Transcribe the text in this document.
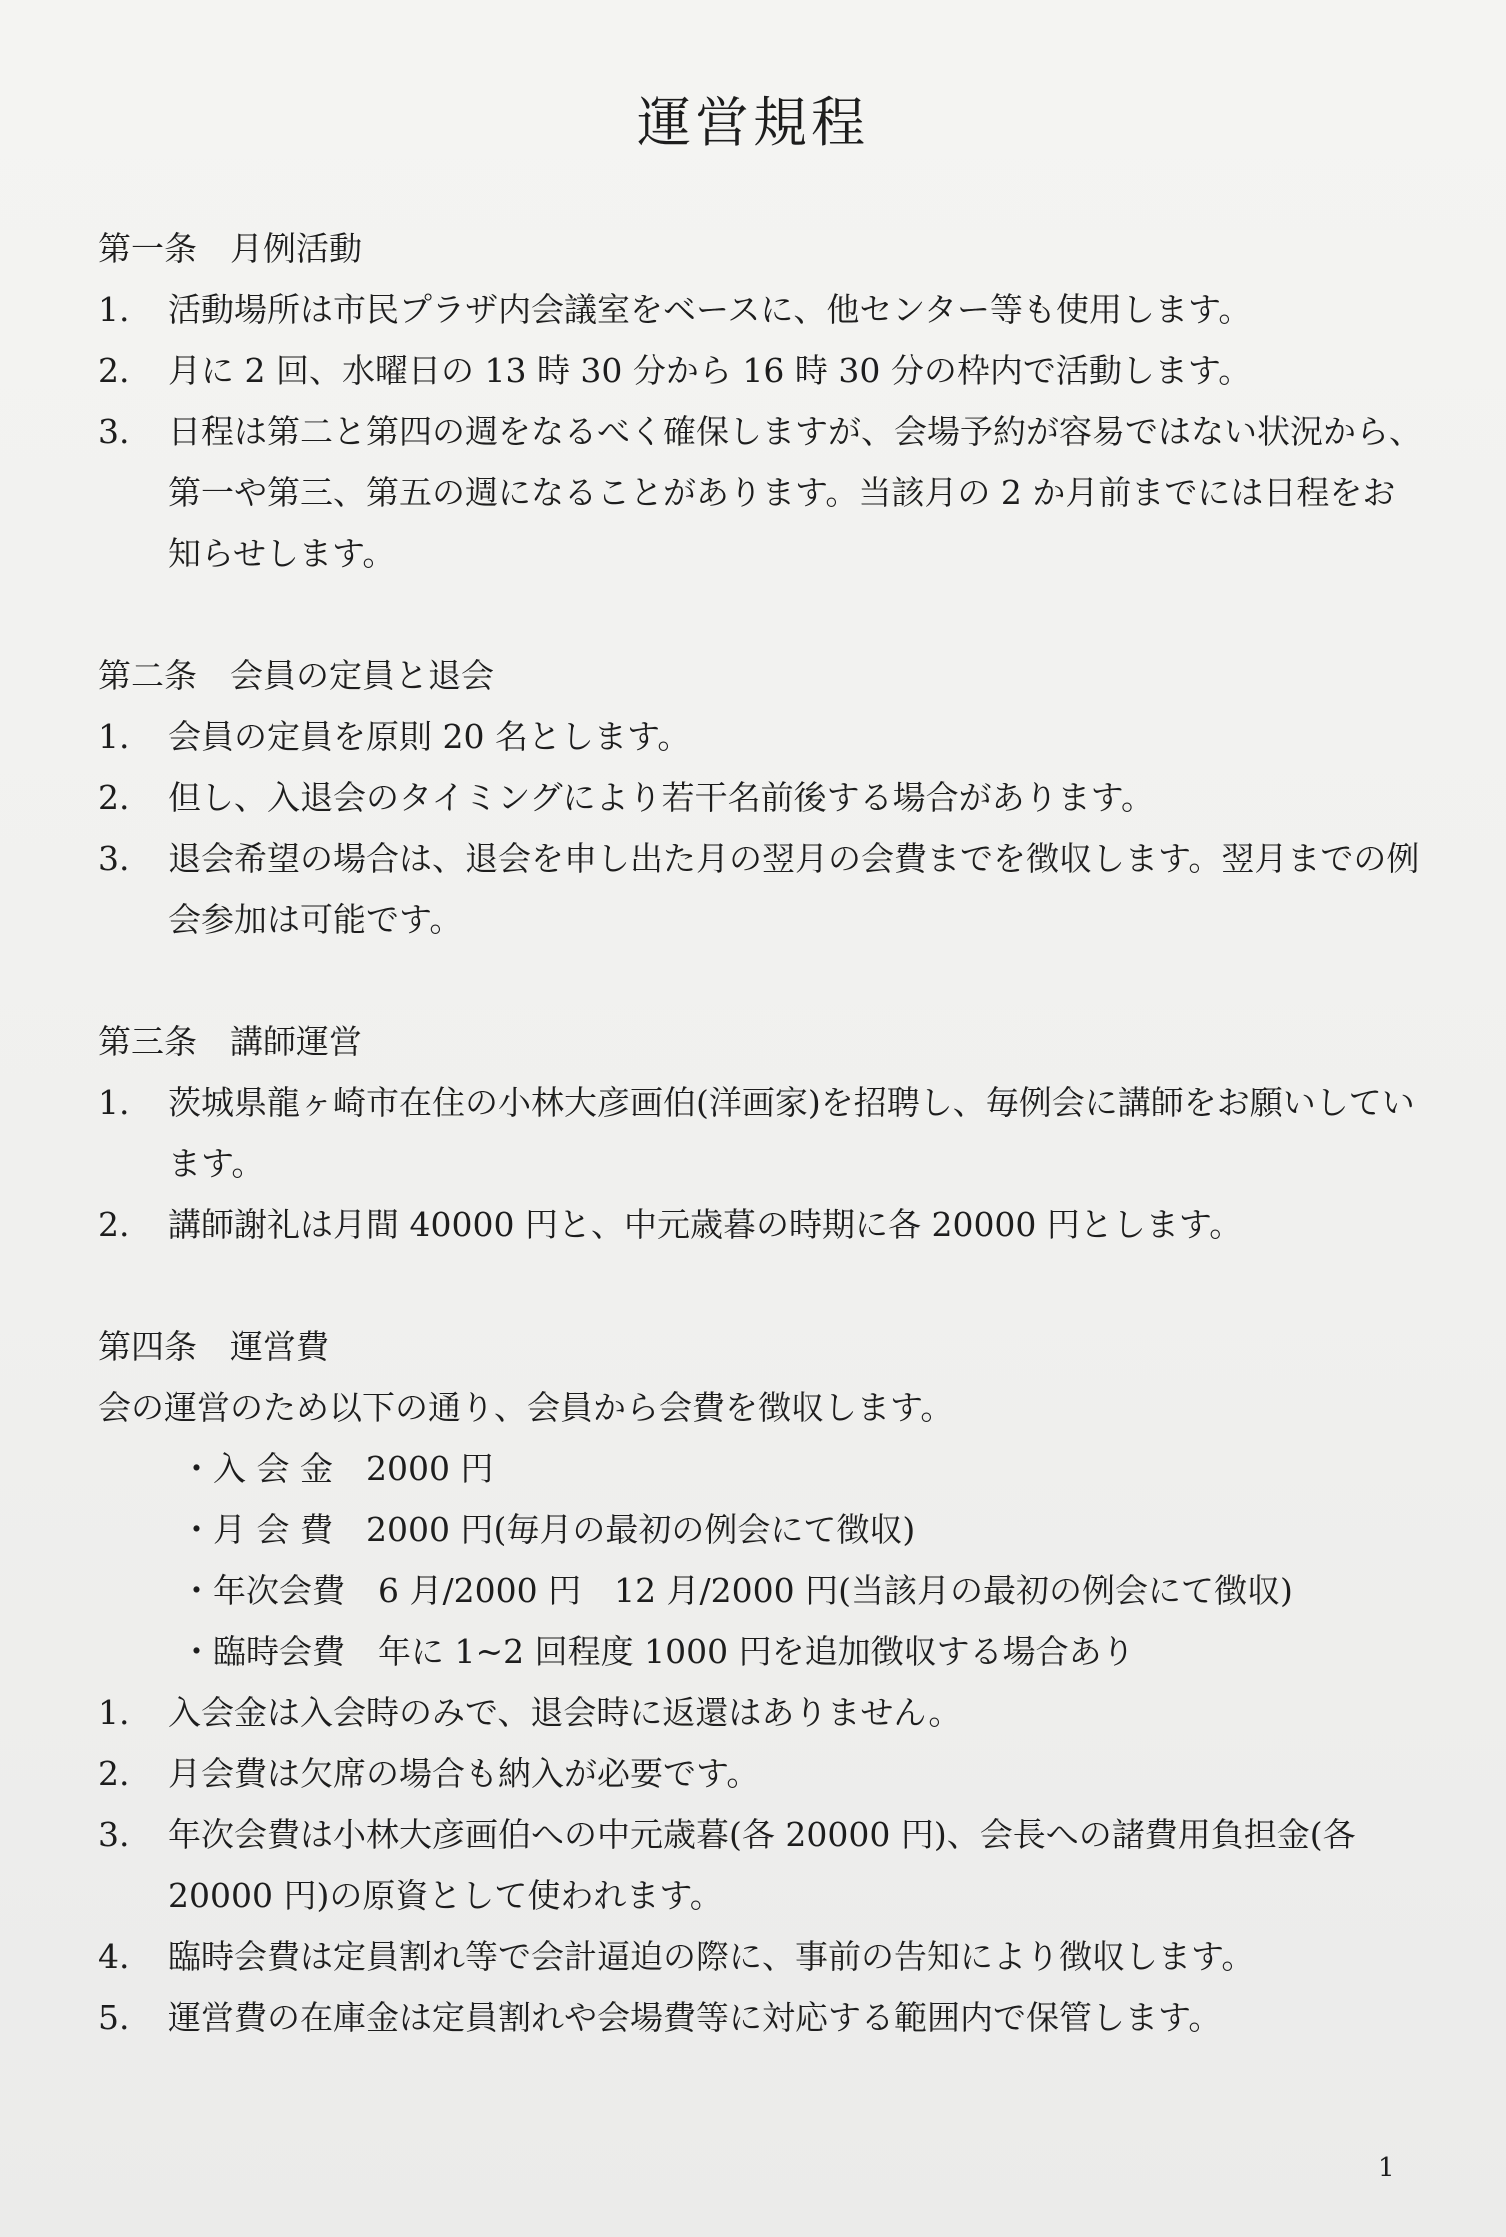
運営規程
第一条　月例活動
1.	活動場所は市民プラザ内会議室をベースに、他センター等も使用します。
2.	月に 2 回、水曜日の 13 時 30 分から 16 時 30 分の枠内で活動します。
3.	日程は第二と第四の週をなるべく確保しますが、会場予約が容易ではない状況から、第一や第三、第五の週になることがあります。当該月の 2 か月前までには日程をお知らせします。
第二条　会員の定員と退会
1.	会員の定員を原則 20 名とします。
2.	但し、入退会のタイミングにより若干名前後する場合があります。
3.	退会希望の場合は、退会を申し出た月の翌月の会費までを徴収します。翌月までの例会参加は可能です。
第三条　講師運営
1.	茨城県龍ヶ崎市在住の小林大彦画伯(洋画家)を招聘し、毎例会に講師をお願いしています。
2.	講師謝礼は月間 40000 円と、中元歳暮の時期に各 20000 円とします。
第四条　運営費
会の運営のため以下の通り、会員から会費を徴収します。
・入 会 金　2000 円
・月 会 費　2000 円(毎月の最初の例会にて徴収)
・年次会費　6 月/2000 円　12 月/2000 円(当該月の最初の例会にて徴収)
・臨時会費　年に 1~2 回程度 1000 円を追加徴収する場合あり
1.	入会金は入会時のみで、退会時に返還はありません。
2.	月会費は欠席の場合も納入が必要です。
3.	年次会費は小林大彦画伯への中元歳暮(各 20000 円)、会長への諸費用負担金(各 20000 円)の原資として使われます。
4.	臨時会費は定員割れ等で会計逼迫の際に、事前の告知により徴収します。
5.	運営費の在庫金は定員割れや会場費等に対応する範囲内で保管します。
1
